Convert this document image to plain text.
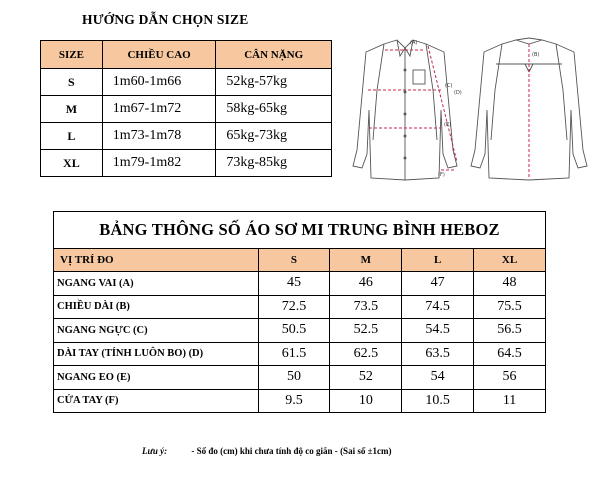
HƯỚNG DẪN CHỌN SIZE
SIZE	CHIỀU CAO	CÂN NẶNG
S	1m60-1m66	52kg-57kg
M	1m67-1m72	58kg-65kg
L	1m73-1m78	65kg-73kg
XL	1m79-1m82	73kg-85kg
(A)
(B)
(C)
(D)
(E)
(F)
BẢNG THÔNG SỐ ÁO SƠ MI TRUNG BÌNH HEBOZ				
VỊ TRÍ ĐO	S	M	L	XL
NGANG VAI (A)	45	46	47	48
CHIỀU DÀI (B)	72.5	73.5	74.5	75.5
NGANG NGỰC (C)	50.5	52.5	54.5	56.5
DÀI TAY (TÍNH LUÔN BO) (D)	61.5	62.5	63.5	64.5
NGANG EO (E)	50	52	54	56
CỬA TAY (F)	9.5	10	10.5	11
Lưu ý:	- Số đo (cm) khi chưa tính độ co giãn - (Sai số ±1cm)
